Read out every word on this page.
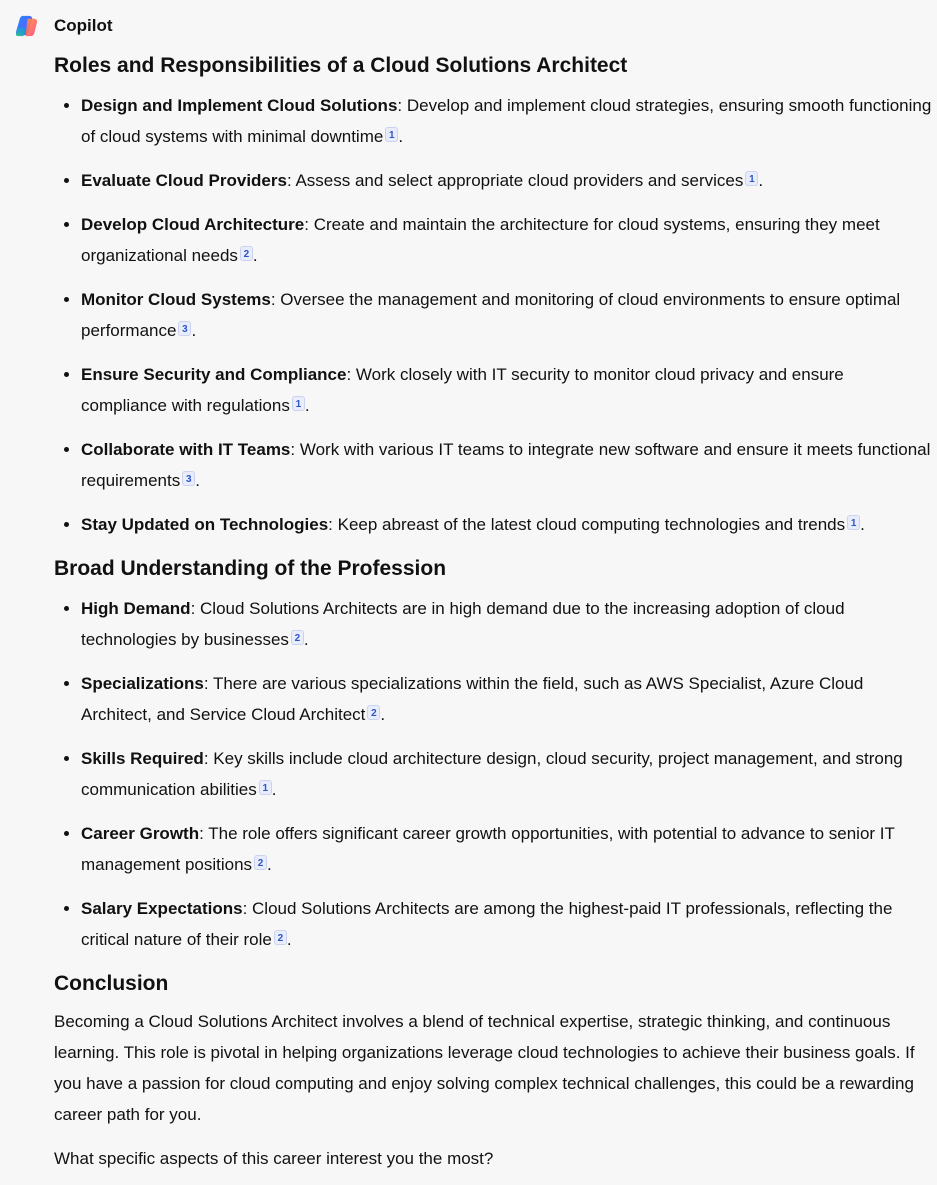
Copilot
Roles and Responsibilities of a Cloud Solutions Architect
• Design and Implement Cloud Solutions: Develop and implement cloud strategies, ensuring smooth functioning of cloud systems with minimal downtime 1 .
• Evaluate Cloud Providers: Assess and select appropriate cloud providers and services 1 .
• Develop Cloud Architecture: Create and maintain the architecture for cloud systems, ensuring they meet organizational needs 2 .
• Monitor Cloud Systems: Oversee the management and monitoring of cloud environments to ensure optimal performance 3 .
• Ensure Security and Compliance: Work closely with IT security to monitor cloud privacy and ensure compliance with regulations 1 .
• Collaborate with IT Teams: Work with various IT teams to integrate new software and ensure it meets functional requirements 3 .
• Stay Updated on Technologies: Keep abreast of the latest cloud computing technologies and trends 1 .
Broad Understanding of the Profession
• High Demand: Cloud Solutions Architects are in high demand due to the increasing adoption of cloud technologies by businesses 2 .
• Specializations: There are various specializations within the field, such as AWS Specialist, Azure Cloud Architect, and Service Cloud Architect 2 .
• Skills Required: Key skills include cloud architecture design, cloud security, project management, and strong communication abilities 1 .
• Career Growth: The role offers significant career growth opportunities, with potential to advance to senior IT management positions 2 .
• Salary Expectations: Cloud Solutions Architects are among the highest-paid IT professionals, reflecting the critical nature of their role 2 .
Conclusion

Becoming a Cloud Solutions Architect involves a blend of technical expertise, strategic thinking, and continuous learning. This role is pivotal in helping organizations leverage cloud technologies to achieve their business goals. If you have a passion for cloud computing and enjoy solving complex technical challenges, this could be a rewarding career path for you.

What specific aspects of this career interest you the most?
